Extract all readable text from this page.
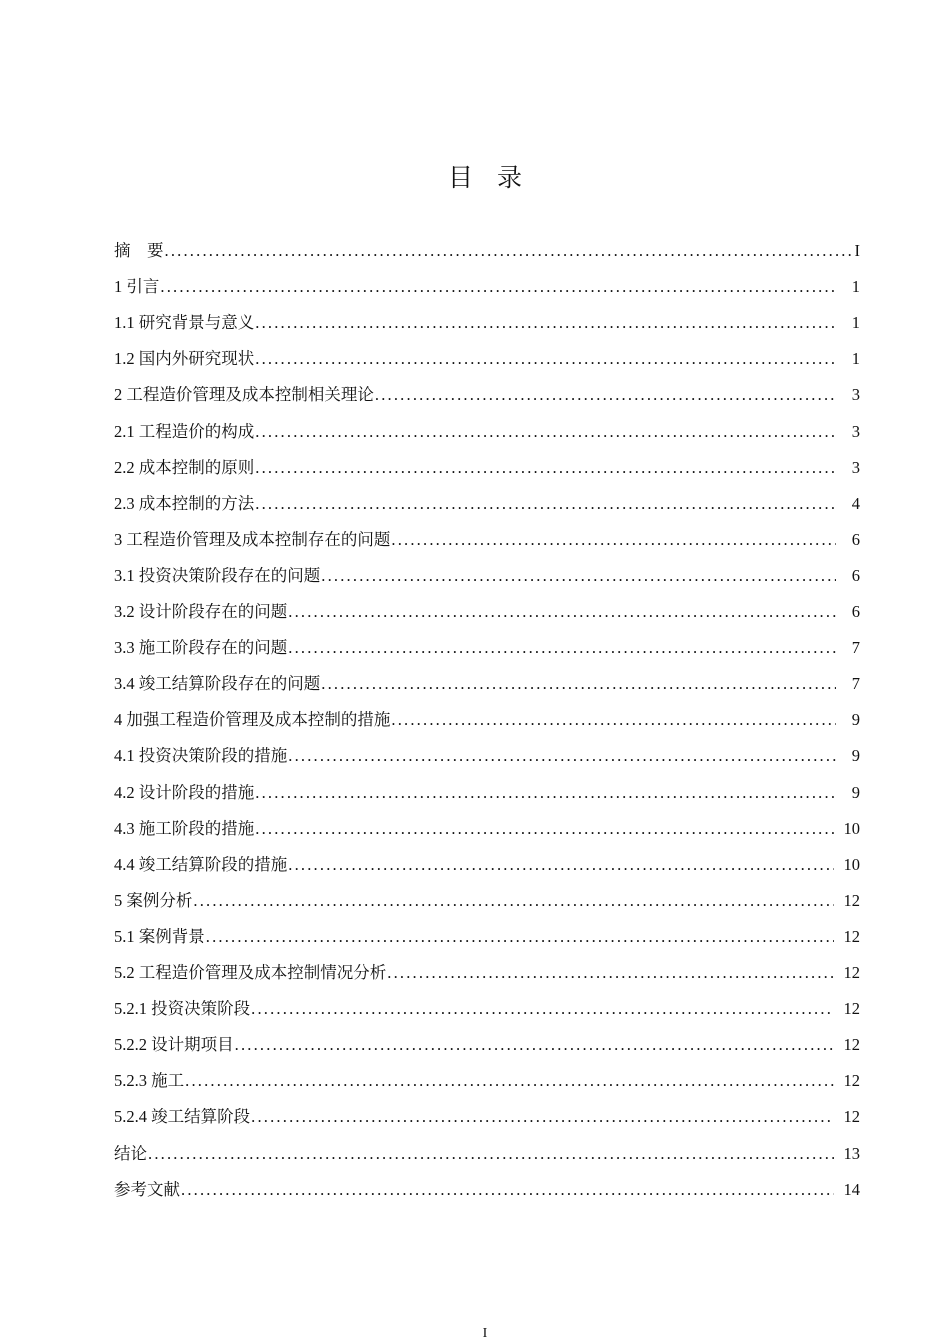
目 录
摘　要 .....	I
1 引言 .....	1
1.1 研究背景与意义 .....	1
1.2 国内外研究现状 .....	1
2 工程造价管理及成本控制相关理论 .....	3
2.1 工程造价的构成 .....	3
2.2 成本控制的原则 .....	3
2.3 成本控制的方法 .....	4
3 工程造价管理及成本控制存在的问题 .....	6
3.1 投资决策阶段存在的问题 .....	6
3.2 设计阶段存在的问题 .....	6
3.3 施工阶段存在的问题 .....	7
3.4 竣工结算阶段存在的问题 .....	7
4 加强工程造价管理及成本控制的措施 .....	9
4.1 投资决策阶段的措施 .....	9
4.2 设计阶段的措施 .....	9
4.3 施工阶段的措施 .....	10
4.4 竣工结算阶段的措施 .....	10
5 案例分析 .....	12
5.1 案例背景 .....	12
5.2 工程造价管理及成本控制情况分析 .....	12
5.2.1 投资决策阶段 .....	12
5.2.2 设计期项目 .....	12
5.2.3 施工 .....	12
5.2.4 竣工结算阶段 .....	12
结论 .....	13
参考文献 .....	14
I
